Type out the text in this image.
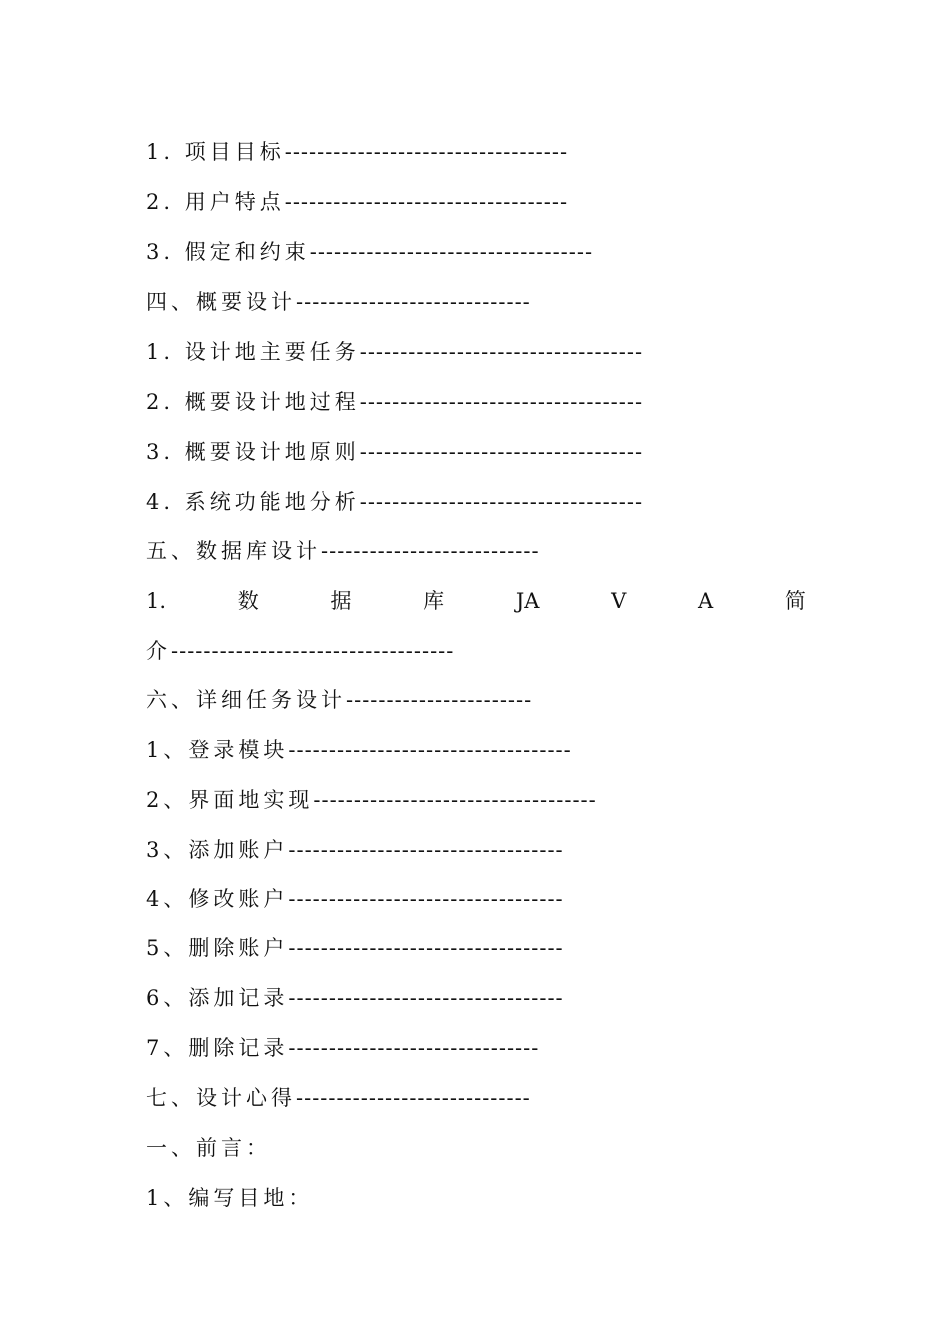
1. 项目目标-----------------------------------
2. 用户特点-----------------------------------
3. 假定和约束-----------------------------------
四、概要设计-----------------------------
1. 设计地主要任务-----------------------------------
2. 概要设计地过程-----------------------------------
3. 概要设计地原则-----------------------------------
4. 系统功能地分析-----------------------------------
五、数据库设计---------------------------
1.	数	据	库	JA	V	A	简
介-----------------------------------
六、详细任务设计-----------------------
1、登录模块-----------------------------------
2、界面地实现-----------------------------------
3、添加账户----------------------------------
4、修改账户----------------------------------
5、删除账户----------------------------------
6、添加记录----------------------------------
7、删除记录-------------------------------
七、设计心得-----------------------------
一、前言：
1、编写目地：
